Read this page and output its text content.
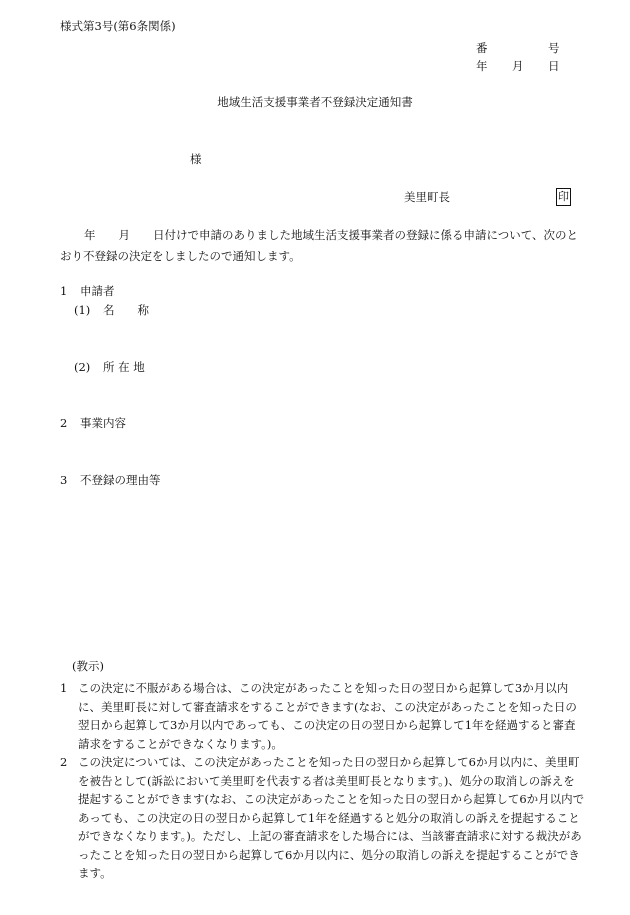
様式第3号(第6条関係)
番	号
年 月 日
地域生活支援事業者不登録決定通知書
様
美里町長	印
年　　月　　日付けで申請のありました地域生活支援事業者の登録に係る申請について、次のとおり不登録の決定をしましたので通知します。
1 申請者
(1) 名　　称
(2) 所 在 地
2 事業内容
3 不登録の理由等
(教示)
1 この決定に不服がある場合は、この決定があったことを知った日の翌日から起算して3か月以内に、美里町長に対して審査請求をすることができます(なお、この決定があったことを知った日の翌日から起算して3か月以内であっても、この決定の日の翌日から起算して1年を経過すると審査請求をすることができなくなります。)。
2 この決定については、この決定があったことを知った日の翌日から起算して6か月以内に、美里町を被告として(訴訟において美里町を代表する者は美里町長となります。)、処分の取消しの訴えを提起することができます(なお、この決定があったことを知った日の翌日から起算して6か月以内であっても、この決定の日の翌日から起算して1年を経過すると処分の取消しの訴えを提起することができなくなります。)。ただし、上記の審査請求をした場合には、当該審査請求に対する裁決があったことを知った日の翌日から起算して6か月以内に、処分の取消しの訴えを提起することができます。
